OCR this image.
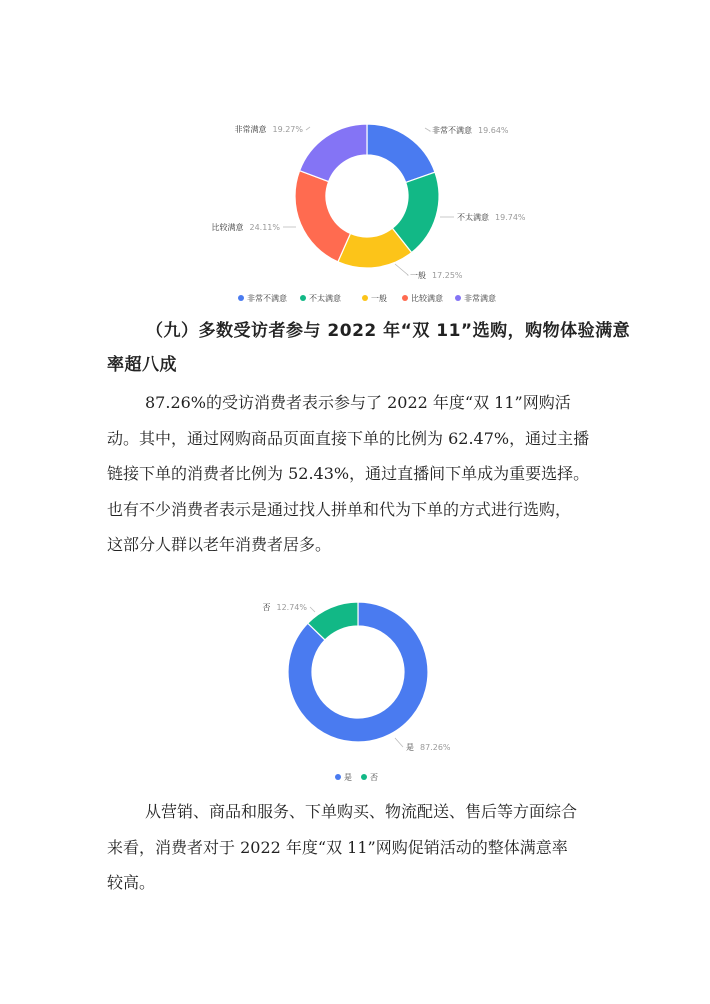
非常不满意 19.64%
不太满意 19.74%
一般 17.25%
比较满意 24.11%
非常满意 19.27%
非常不满意	不太满意	一般	比较满意	非常满意
（九）多数受访者参与 2022 年“双 11”选购，购物体验满意
率超八成

87.26%的受访消费者表示参与了 2022 年度“双 11”网购活
动。其中，通过网购商品页面直接下单的比例为 62.47%，通过主播
链接下单的消费者比例为 52.43%，通过直播间下单成为重要选择。
也有不少消费者表示是通过找人拼单和代为下单的方式进行选购，
这部分人群以老年消费者居多。

是 87.26%
否 12.74%
是 否

从营销、商品和服务、下单购买、物流配送、售后等方面综合
来看，消费者对于 2022 年度“双 11”网购促销活动的整体满意率
较高。
